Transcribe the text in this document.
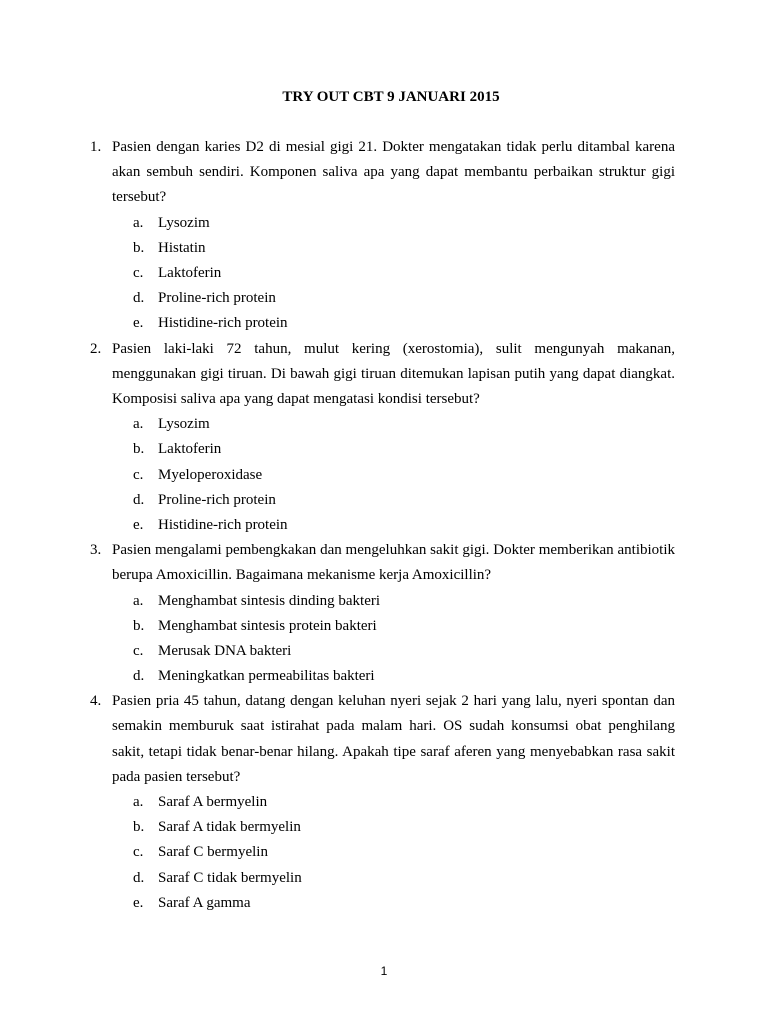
TRY OUT CBT 9 JANUARI 2015
1. Pasien dengan karies D2 di mesial gigi 21. Dokter mengatakan tidak perlu ditambal karena akan sembuh sendiri. Komponen saliva apa yang dapat membantu perbaikan struktur gigi tersebut?
a. Lysozim
b. Histatin
c. Laktoferin
d. Proline-rich protein
e. Histidine-rich protein
2. Pasien laki-laki 72 tahun, mulut kering (xerostomia), sulit mengunyah makanan, menggunakan gigi tiruan. Di bawah gigi tiruan ditemukan lapisan putih yang dapat diangkat. Komposisi saliva apa yang dapat mengatasi kondisi tersebut?
a. Lysozim
b. Laktoferin
c. Myeloperoxidase
d. Proline-rich protein
e. Histidine-rich protein
3. Pasien mengalami pembengkakan dan mengeluhkan sakit gigi. Dokter memberikan antibiotik berupa Amoxicillin. Bagaimana mekanisme kerja Amoxicillin?
a. Menghambat sintesis dinding bakteri
b. Menghambat sintesis protein bakteri
c. Merusak DNA bakteri
d. Meningkatkan permeabilitas bakteri
4. Pasien pria 45 tahun, datang dengan keluhan nyeri sejak 2 hari yang lalu, nyeri spontan dan semakin memburuk saat istirahat pada malam hari. OS sudah konsumsi obat penghilang sakit, tetapi tidak benar-benar hilang. Apakah tipe saraf aferen yang menyebabkan rasa sakit pada pasien tersebut?
a. Saraf A bermyelin
b. Saraf A tidak bermyelin
c. Saraf C bermyelin
d. Saraf C tidak bermyelin
e. Saraf A gamma
1
